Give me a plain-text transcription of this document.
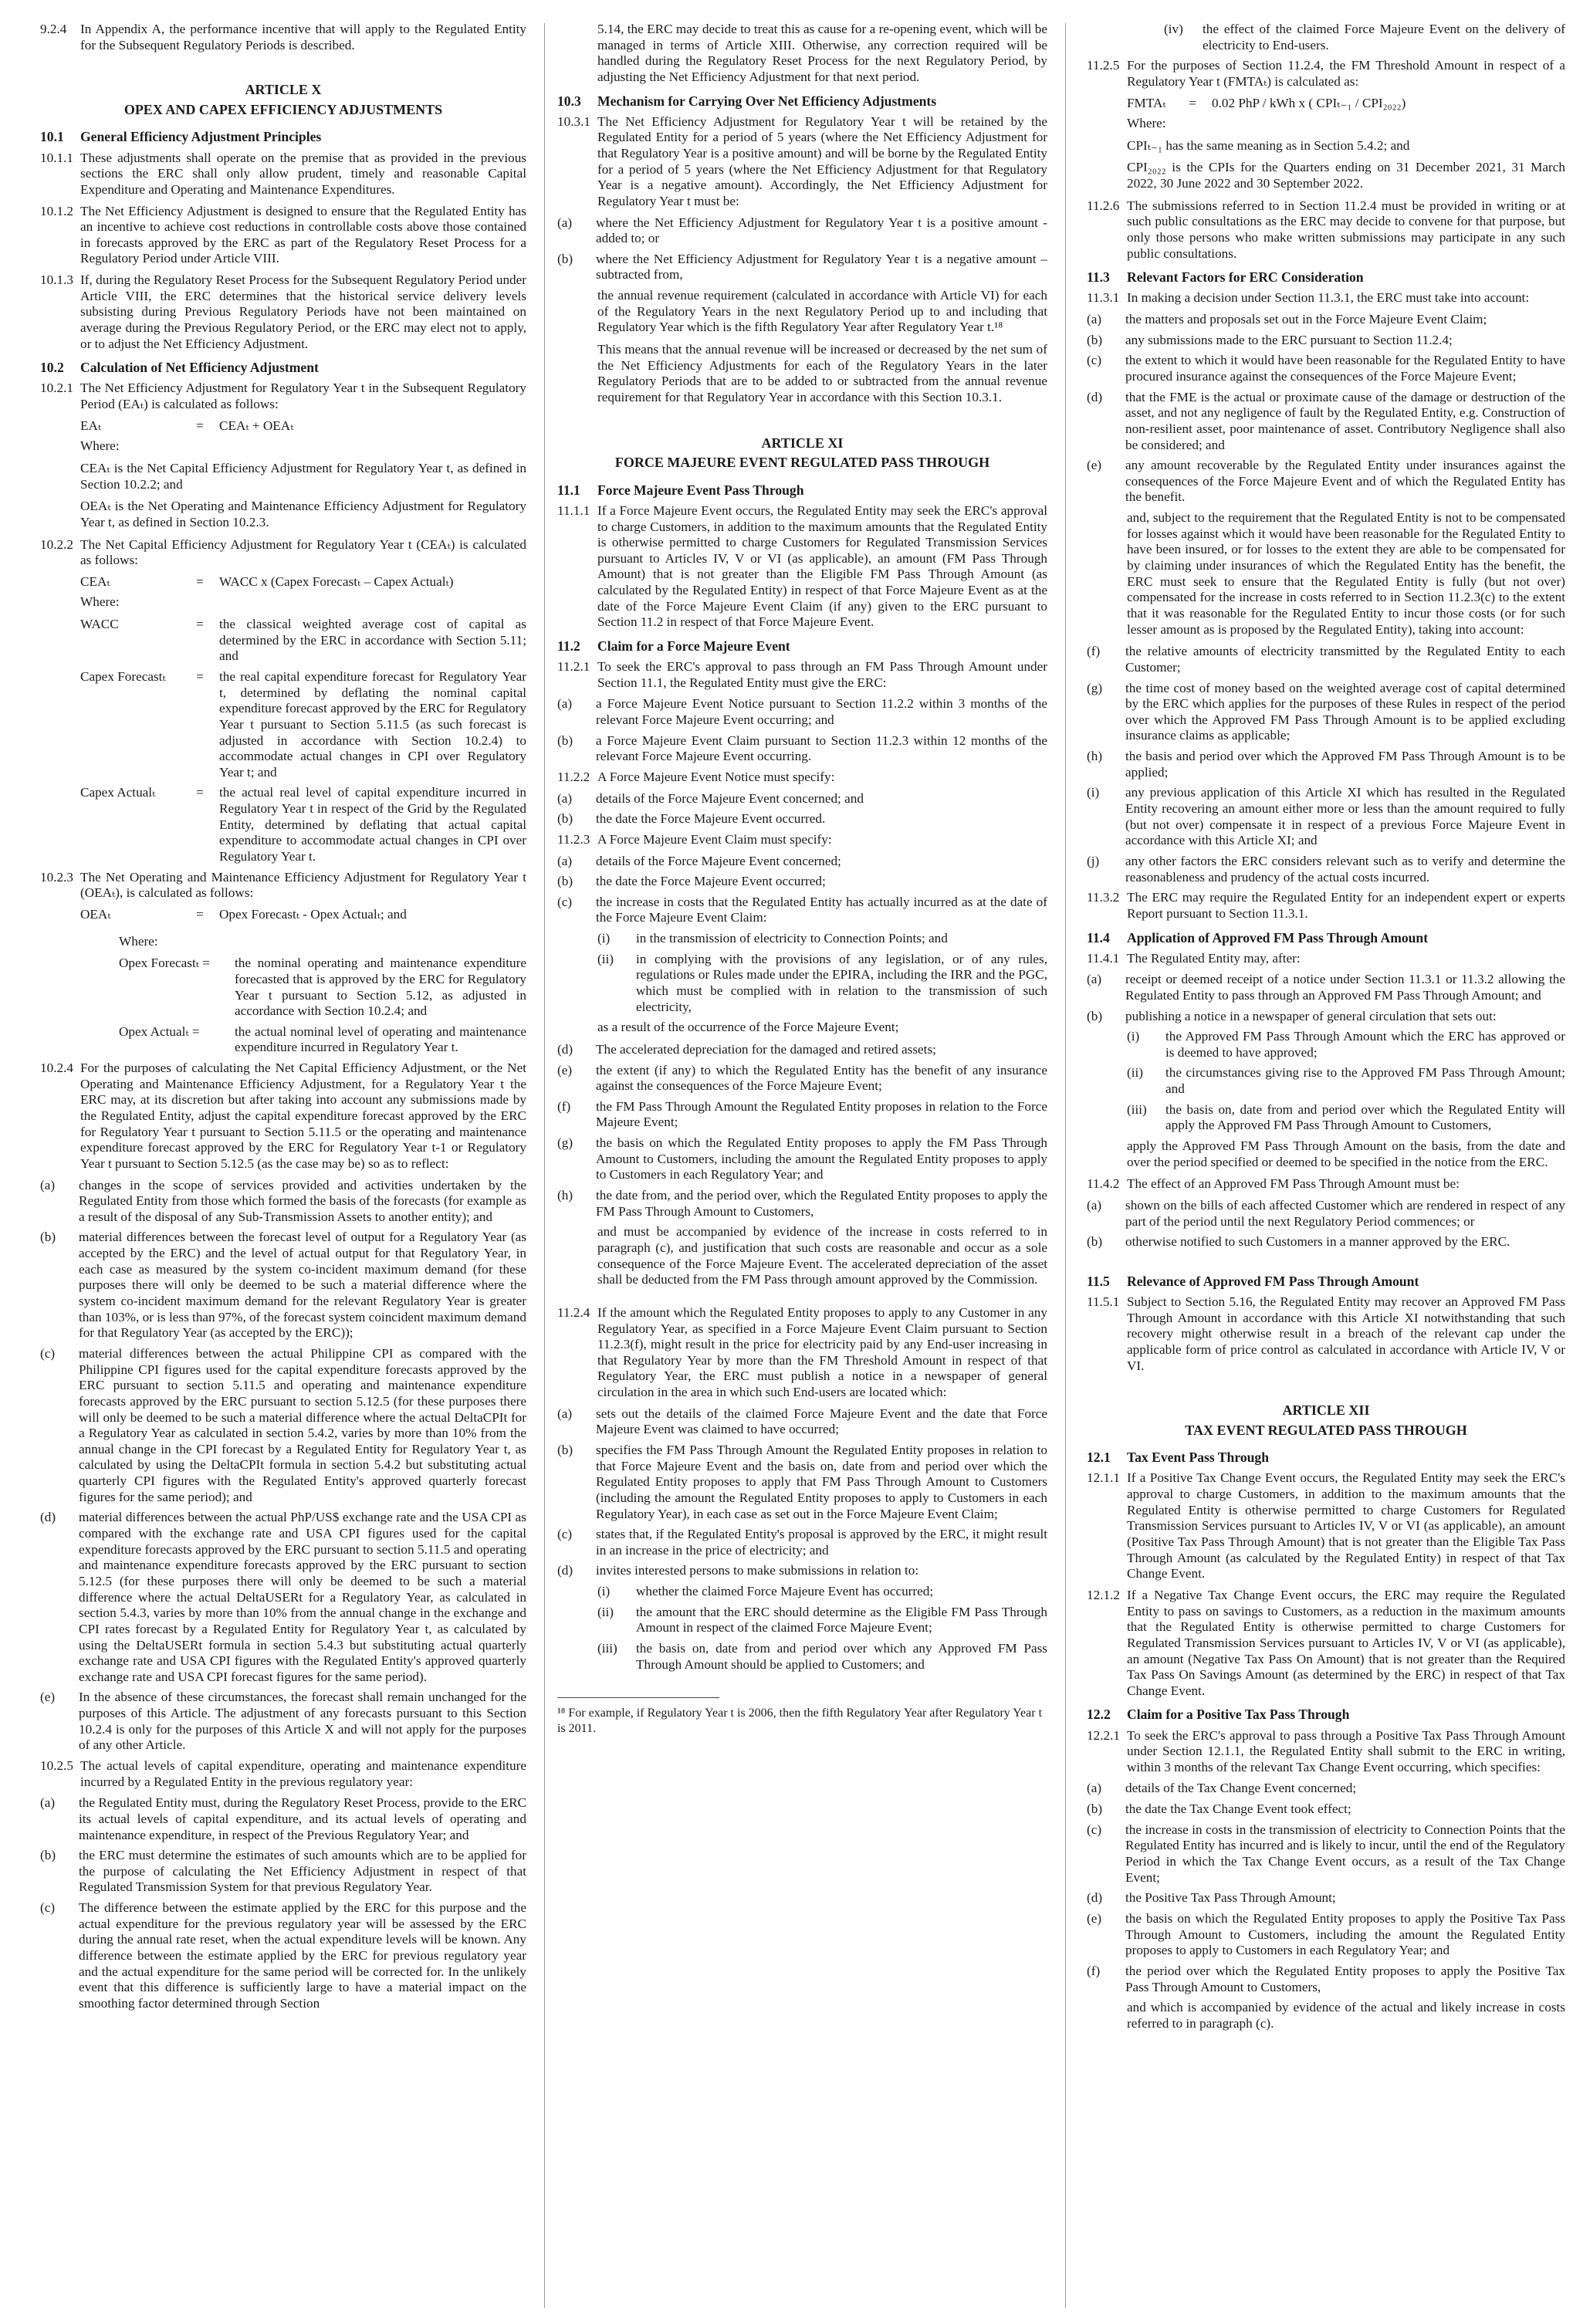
9.2.4	In Appendix A, the performance incentive that will apply to the Regulated Entity for the Subsequent Regulatory Periods is described.
ARTICLE X
OPEX AND CAPEX EFFICIENCY ADJUSTMENTS
10.1	General Efficiency Adjustment Principles
10.1.1 These adjustments shall operate on the premise that as provided in the previous sections the ERC shall only allow prudent, timely and reasonable Capital Expenditure and Operating and Maintenance Expenditures.
10.1.2 The Net Efficiency Adjustment is designed to ensure that the Regulated Entity has an incentive to achieve cost reductions in controllable costs above those contained in forecasts approved by the ERC as part of the Regulatory Reset Process for a Regulatory Period under Article VIII.
10.1.3 If, during the Regulatory Reset Process for the Subsequent Regulatory Period under Article VIII, the ERC determines that the historical service delivery levels subsisting during Previous Regulatory Periods have not been maintained on average during the Previous Regulatory Period, or the ERC may elect not to apply, or to adjust the Net Efficiency Adjustment.
10.2	Calculation of Net Efficiency Adjustment
10.2.1 The Net Efficiency Adjustment for Regulatory Year t in the Subsequent Regulatory Period (EAₜ) is calculated as follows:
EAₜ	=	CEAₜ + OEAₜ
Where:
CEAₜ is the Net Capital Efficiency Adjustment for Regulatory Year t, as defined in Section 10.2.2; and
OEAₜ is the Net Operating and Maintenance Efficiency Adjustment for Regulatory Year t, as defined in Section 10.2.3.
10.2.2 The Net Capital Efficiency Adjustment for Regulatory Year t (CEAₜ) is calculated as follows:
CEAₜ	=	WACC x (Capex Forecastₜ – Capex Actualₜ)
Where:
WACC	=	the classical weighted average cost of capital as determined by the ERC in accordance with Section 5.11; and
Capex Forecastₜ	=	the real capital expenditure forecast for Regulatory Year t, determined by deflating the nominal capital expenditure forecast approved by the ERC for Regulatory Year t pursuant to Section 5.11.5 (as such forecast is adjusted in accordance with Section 10.2.4) to accommodate actual changes in CPI over Regulatory Year t; and
Capex Actualₜ	=	the actual real level of capital expenditure incurred in Regulatory Year t in respect of the Grid by the Regulated Entity, determined by deflating that actual capital expenditure to accommodate actual changes in CPI over Regulatory Year t.
10.2.3 The Net Operating and Maintenance Efficiency Adjustment for Regulatory Year t (OEAₜ), is calculated as follows:
OEAₜ	=	Opex Forecastₜ - Opex Actualₜ; and
Where:
Opex Forecastₜ =	the nominal operating and maintenance expenditure forecasted that is approved by the ERC for Regulatory Year t pursuant to Section 5.12, as adjusted in accordance with Section 10.2.4; and
Opex Actualₜ =	the actual nominal level of operating and maintenance expenditure incurred in Regulatory Year t.
10.2.4 For the purposes of calculating the Net Capital Efficiency Adjustment, or the Net Operating and Maintenance Efficiency Adjustment, for a Regulatory Year t the ERC may, at its discretion but after taking into account any submissions made by the Regulated Entity, adjust the capital expenditure forecast approved by the ERC for Regulatory Year t pursuant to Section 5.11.5 or the operating and maintenance expenditure forecast approved by the ERC for Regulatory Year t-1 or Regulatory Year t pursuant to Section 5.12.5 (as the case may be) so as to reflect:
(a)	changes in the scope of services provided and activities undertaken by the Regulated Entity from those which formed the basis of the forecasts (for example as a result of the disposal of any Sub-Transmission Assets to another entity); and
(b)	material differences between the forecast level of output for a Regulatory Year (as accepted by the ERC) and the level of actual output for that Regulatory Year, in each case as measured by the system co-incident maximum demand (for these purposes there will only be deemed to be such a material difference where the system co-incident maximum demand for the relevant Regulatory Year is greater than 103%, or is less than 97%, of the forecast system coincident maximum demand for that Regulatory Year (as accepted by the ERC));
(c)	material differences between the actual Philippine CPI as compared with the Philippine CPI figures used for the capital expenditure forecasts approved by the ERC pursuant to section 5.11.5 and operating and maintenance expenditure forecasts approved by the ERC pursuant to section 5.12.5 (for these purposes there will only be deemed to be such a material difference where the actual DeltaCPIt for a Regulatory Year as calculated in section 5.4.2, varies by more than 10% from the annual change in the CPI forecast by a Regulated Entity for Regulatory Year t, as calculated by using the DeltaCPIt formula in section 5.4.2 but substituting actual quarterly CPI figures with the Regulated Entity's approved quarterly forecast figures for the same period); and
(d)	material differences between the actual PhP/US$ exchange rate and the USA CPI as compared with the exchange rate and USA CPI figures used for the capital expenditure forecasts approved by the ERC pursuant to section 5.11.5 and operating and maintenance expenditure forecasts approved by the ERC pursuant to section 5.12.5 (for these purposes there will only be deemed to be such a material difference where the actual DeltaUSERt for a Regulatory Year, as calculated in section 5.4.3, varies by more than 10% from the annual change in the exchange and CPI rates forecast by a Regulated Entity for Regulatory Year t, as calculated by using the DeltaUSERt formula in section 5.4.3 but substituting actual quarterly exchange rate and USA CPI figures with the Regulated Entity's approved quarterly exchange rate and USA CPI forecast figures for the same period).
(e)	In the absence of these circumstances, the forecast shall remain unchanged for the purposes of this Article. The adjustment of any forecasts pursuant to this Section 10.2.4 is only for the purposes of this Article X and will not apply for the purposes of any other Article.
10.2.5 The actual levels of capital expenditure, operating and maintenance expenditure incurred by a Regulated Entity in the previous regulatory year:
(a)	the Regulated Entity must, during the Regulatory Reset Process, provide to the ERC its actual levels of capital expenditure, and its actual levels of operating and maintenance expenditure, in respect of the Previous Regulatory Year; and
(b)	the ERC must determine the estimates of such amounts which are to be applied for the purpose of calculating the Net Efficiency Adjustment in respect of that Regulated Transmission System for that previous Regulatory Year.
(c)	The difference between the estimate applied by the ERC for this purpose and the actual expenditure for the previous regulatory year will be assessed by the ERC during the annual rate reset, when the actual expenditure levels will be known. Any difference between the estimate applied by the ERC for previous regulatory year and the actual expenditure for the same period will be corrected for. In the unlikely event that this difference is sufficiently large to have a material impact on the smoothing factor determined through Section
5.14, the ERC may decide to treat this as cause for a re-opening event, which will be managed in terms of Article XIII. Otherwise, any correction required will be handled during the Regulatory Reset Process for the next Regulatory Period, by adjusting the Net Efficiency Adjustment for that next period.
10.3	Mechanism for Carrying Over Net Efficiency Adjustments
10.3.1 The Net Efficiency Adjustment for Regulatory Year t will be retained by the Regulated Entity for a period of 5 years (where the Net Efficiency Adjustment for that Regulatory Year is a positive amount) and will be borne by the Regulated Entity for a period of 5 years (where the Net Efficiency Adjustment for that Regulatory Year is a negative amount). Accordingly, the Net Efficiency Adjustment for Regulatory Year t must be:
(a)	where the Net Efficiency Adjustment for Regulatory Year t is a positive amount - added to; or
(b)	where the Net Efficiency Adjustment for Regulatory Year t is a negative amount – subtracted from,
the annual revenue requirement (calculated in accordance with Article VI) for each of the Regulatory Years in the next Regulatory Period up to and including that Regulatory Year which is the fifth Regulatory Year after Regulatory Year t.¹⁸
This means that the annual revenue will be increased or decreased by the net sum of the Net Efficiency Adjustments for each of the Regulatory Years in the later Regulatory Periods that are to be added to or subtracted from the annual revenue requirement for that Regulatory Year in accordance with this Section 10.3.1.
ARTICLE XI
FORCE MAJEURE EVENT REGULATED PASS THROUGH
11.1	Force Majeure Event Pass Through
11.1.1 If a Force Majeure Event occurs, the Regulated Entity may seek the ERC's approval to charge Customers, in addition to the maximum amounts that the Regulated Entity is otherwise permitted to charge Customers for Regulated Transmission Services pursuant to Articles IV, V or VI (as applicable), an amount (FM Pass Through Amount) that is not greater than the Eligible FM Pass Through Amount (as calculated by the Regulated Entity) in respect of that Force Majeure Event as at the date of the Force Majeure Event Claim (if any) given to the ERC pursuant to Section 11.2 in respect of that Force Majeure Event.
11.2	Claim for a Force Majeure Event
11.2.1 To seek the ERC's approval to pass through an FM Pass Through Amount under Section 11.1, the Regulated Entity must give the ERC:
(a)	a Force Majeure Event Notice pursuant to Section 11.2.2 within 3 months of the relevant Force Majeure Event occurring; and
(b)	a Force Majeure Event Claim pursuant to Section 11.2.3 within 12 months of the relevant Force Majeure Event occurring.
11.2.2 A Force Majeure Event Notice must specify:
(a)	details of the Force Majeure Event concerned; and
(b)	the date the Force Majeure Event occurred.
11.2.3 A Force Majeure Event Claim must specify:
(a)	details of the Force Majeure Event concerned;
(b)	the date the Force Majeure Event occurred;
(c)	the increase in costs that the Regulated Entity has actually incurred as at the date of the Force Majeure Event Claim:
(i)	in the transmission of electricity to Connection Points; and
(ii)	in complying with the provisions of any legislation, or of any rules, regulations or Rules made under the EPIRA, including the IRR and the PGC, which must be complied with in relation to the transmission of such electricity,
as a result of the occurrence of the Force Majeure Event;
(d)	The accelerated depreciation for the damaged and retired assets;
(e)	the extent (if any) to which the Regulated Entity has the benefit of any insurance against the consequences of the Force Majeure Event;
(f)	the FM Pass Through Amount the Regulated Entity proposes in relation to the Force Majeure Event;
(g)	the basis on which the Regulated Entity proposes to apply the FM Pass Through Amount to Customers, including the amount the Regulated Entity proposes to apply to Customers in each Regulatory Year; and
(h)	the date from, and the period over, which the Regulated Entity proposes to apply the FM Pass Through Amount to Customers,
and must be accompanied by evidence of the increase in costs referred to in paragraph (c), and justification that such costs are reasonable and occur as a sole consequence of the Force Majeure Event. The accelerated depreciation of the asset shall be deducted from the FM Pass through amount approved by the Commission.
11.2.4 If the amount which the Regulated Entity proposes to apply to any Customer in any Regulatory Year, as specified in a Force Majeure Event Claim pursuant to Section 11.2.3(f), might result in the price for electricity paid by any End-user increasing in that Regulatory Year by more than the FM Threshold Amount in respect of that Regulatory Year, the ERC must publish a notice in a newspaper of general circulation in the area in which such End-users are located which:
(a)	sets out the details of the claimed Force Majeure Event and the date that Force Majeure Event was claimed to have occurred;
(b)	specifies the FM Pass Through Amount the Regulated Entity proposes in relation to that Force Majeure Event and the basis on, date from and period over which the Regulated Entity proposes to apply that FM Pass Through Amount to Customers (including the amount the Regulated Entity proposes to apply to Customers in each Regulatory Year), in each case as set out in the Force Majeure Event Claim;
(c)	states that, if the Regulated Entity's proposal is approved by the ERC, it might result in an increase in the price of electricity; and
(d)	invites interested persons to make submissions in relation to:
(i)	whether the claimed Force Majeure Event has occurred;
(ii)	the amount that the ERC should determine as the Eligible FM Pass Through Amount in respect of the claimed Force Majeure Event;
(iii)	the basis on, date from and period over which any Approved FM Pass Through Amount should be applied to Customers; and
¹⁸ For example, if Regulatory Year t is 2006, then the fifth Regulatory Year after Regulatory Year t is 2011.
(iv)	the effect of the claimed Force Majeure Event on the delivery of electricity to End-users.
11.2.5 For the purposes of Section 11.2.4, the FM Threshold Amount in respect of a Regulatory Year t (FMTAₜ) is calculated as:
FMTAₜ	=	0.02 PhP / kWh x ( CPIₜ₋₁ / CPI₂₀₂₂)
Where:
CPIₜ₋₁ has the same meaning as in Section 5.4.2; and
CPI₂₀₂₂ is the CPIs for the Quarters ending on 31 December 2021, 31 March 2022, 30 June 2022 and 30 September 2022.
11.2.6 The submissions referred to in Section 11.2.4 must be provided in writing or at such public consultations as the ERC may decide to convene for that purpose, but only those persons who make written submissions may participate in any such public consultations.
11.3	Relevant Factors for ERC Consideration
11.3.1 In making a decision under Section 11.3.1, the ERC must take into account:
(a)	the matters and proposals set out in the Force Majeure Event Claim;
(b)	any submissions made to the ERC pursuant to Section 11.2.4;
(c)	the extent to which it would have been reasonable for the Regulated Entity to have procured insurance against the consequences of the Force Majeure Event;
(d)	that the FME is the actual or proximate cause of the damage or destruction of the asset, and not any negligence of fault by the Regulated Entity, e.g. Construction of non-resilient asset, poor maintenance of asset. Contributory Negligence shall also be considered; and
(e)	any amount recoverable by the Regulated Entity under insurances against the consequences of the Force Majeure Event and of which the Regulated Entity has the benefit.
and, subject to the requirement that the Regulated Entity is not to be compensated for losses against which it would have been reasonable for the Regulated Entity to have been insured, or for losses to the extent they are able to be compensated for by claiming under insurances of which the Regulated Entity has the benefit, the ERC must seek to ensure that the Regulated Entity is fully (but not over) compensated for the increase in costs referred to in Section 11.2.3(c) to the extent that it was reasonable for the Regulated Entity to incur those costs (or for such lesser amount as is proposed by the Regulated Entity), taking into account:
(f)	the relative amounts of electricity transmitted by the Regulated Entity to each Customer;
(g)	the time cost of money based on the weighted average cost of capital determined by the ERC which applies for the purposes of these Rules in respect of the period over which the Approved FM Pass Through Amount is to be applied excluding insurance claims as applicable;
(h)	the basis and period over which the Approved FM Pass Through Amount is to be applied;
(i)	any previous application of this Article XI which has resulted in the Regulated Entity recovering an amount either more or less than the amount required to fully (but not over) compensate it in respect of a previous Force Majeure Event in accordance with this Article XI; and
(j)	any other factors the ERC considers relevant such as to verify and determine the reasonableness and prudency of the actual costs incurred.
11.3.2 The ERC may require the Regulated Entity for an independent expert or experts Report pursuant to Section 11.3.1.
11.4	Application of Approved FM Pass Through Amount
11.4.1 The Regulated Entity may, after:
(a)	receipt or deemed receipt of a notice under Section 11.3.1 or 11.3.2 allowing the Regulated Entity to pass through an Approved FM Pass Through Amount; and
(b)	publishing a notice in a newspaper of general circulation that sets out:
(i)	the Approved FM Pass Through Amount which the ERC has approved or is deemed to have approved;
(ii)	the circumstances giving rise to the Approved FM Pass Through Amount; and
(iii)	the basis on, date from and period over which the Regulated Entity will apply the Approved FM Pass Through Amount to Customers,
apply the Approved FM Pass Through Amount on the basis, from the date and over the period specified or deemed to be specified in the notice from the ERC.
11.4.2 The effect of an Approved FM Pass Through Amount must be:
(a)	shown on the bills of each affected Customer which are rendered in respect of any part of the period until the next Regulatory Period commences; or
(b)	otherwise notified to such Customers in a manner approved by the ERC.
11.5	Relevance of Approved FM Pass Through Amount
11.5.1 Subject to Section 5.16, the Regulated Entity may recover an Approved FM Pass Through Amount in accordance with this Article XI notwithstanding that such recovery might otherwise result in a breach of the relevant cap under the applicable form of price control as calculated in accordance with Article IV, V or VI.
ARTICLE XII
TAX EVENT REGULATED PASS THROUGH
12.1	Tax Event Pass Through
12.1.1 If a Positive Tax Change Event occurs, the Regulated Entity may seek the ERC's approval to charge Customers, in addition to the maximum amounts that the Regulated Entity is otherwise permitted to charge Customers for Regulated Transmission Services pursuant to Articles IV, V or VI (as applicable), an amount (Positive Tax Pass Through Amount) that is not greater than the Eligible Tax Pass Through Amount (as calculated by the Regulated Entity) in respect of that Tax Change Event.
12.1.2 If a Negative Tax Change Event occurs, the ERC may require the Regulated Entity to pass on savings to Customers, as a reduction in the maximum amounts that the Regulated Entity is otherwise permitted to charge Customers for Regulated Transmission Services pursuant to Articles IV, V or VI (as applicable), an amount (Negative Tax Pass On Amount) that is not greater than the Required Tax Pass On Savings Amount (as determined by the ERC) in respect of that Tax Change Event.
12.2	Claim for a Positive Tax Pass Through
12.2.1 To seek the ERC's approval to pass through a Positive Tax Pass Through Amount under Section 12.1.1, the Regulated Entity shall submit to the ERC in writing, within 3 months of the relevant Tax Change Event occurring, which specifies:
(a)	details of the Tax Change Event concerned;
(b)	the date the Tax Change Event took effect;
(c)	the increase in costs in the transmission of electricity to Connection Points that the Regulated Entity has incurred and is likely to incur, until the end of the Regulatory Period in which the Tax Change Event occurs, as a result of the Tax Change Event;
(d)	the Positive Tax Pass Through Amount;
(e)	the basis on which the Regulated Entity proposes to apply the Positive Tax Pass Through Amount to Customers, including the amount the Regulated Entity proposes to apply to Customers in each Regulatory Year; and
(f)	the period over which the Regulated Entity proposes to apply the Positive Tax Pass Through Amount to Customers,
and which is accompanied by evidence of the actual and likely increase in costs referred to in paragraph (c).
